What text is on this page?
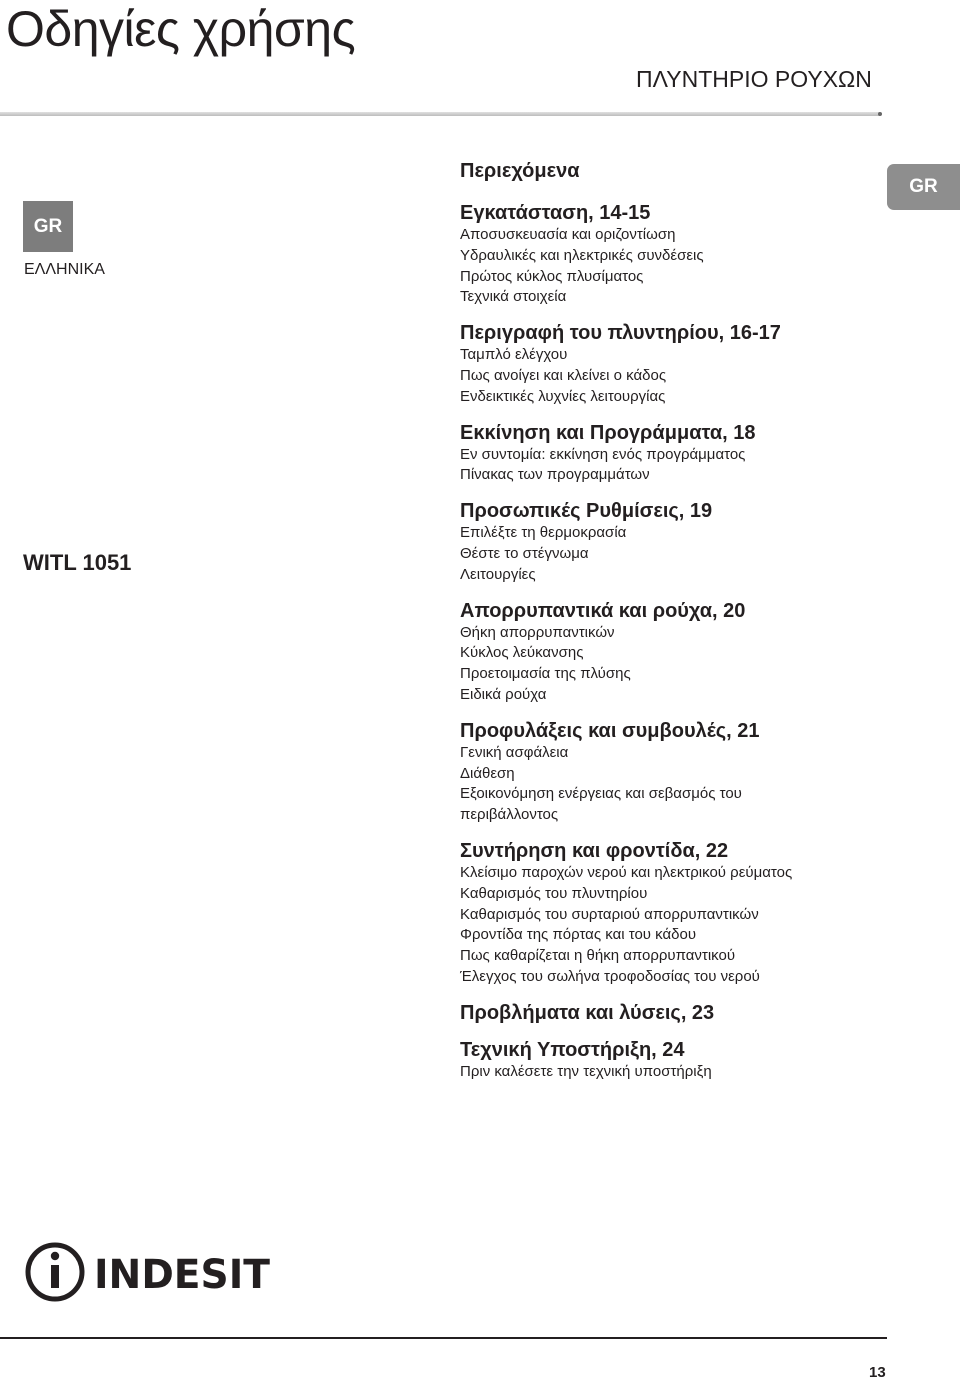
Οδηγίες χρήσης
ΠΛΥΝΤΗΡΙΟ ΡΟΥΧΩΝ
GR
GR
ΕΛΛΗΝΙΚΑ
WITL 1051
Περιεχόμενα
Εγκατάσταση, 14-15
Αποσυσκευασία και οριζοντίωση
Υδραυλικές και ηλεκτρικές συνδέσεις
Πρώτος κύκλος πλυσίματος
Τεχνικά στοιχεία
Περιγραφή του πλυντηρίου, 16-17
Ταμπλό ελέγχου
Πως ανοίγει και κλείνει ο κάδος
Ενδεικτικές λυχνίες λειτουργίας
Εκκίνηση και Προγράμματα, 18
Εν συντομία: εκκίνηση ενός προγράμματος
Πίνακας των προγραμμάτων
Προσωπικές Ρυθμίσεις, 19
Επιλέξτε τη θερμοκρασία
Θέστε το στέγνωμα
Λειτουργίες
Απορρυπαντικά και ρούχα, 20
Θήκη απορρυπαντικών
Κύκλος λεύκανσης
Προετοιμασία της πλύσης
Ειδικά ρούχα
Προφυλάξεις και συμβουλές, 21
Γενική ασφάλεια
Διάθεση
Εξοικονόμηση ενέργειας και σεβασμός του
περιβάλλοντος
Συντήρηση και φροντίδα, 22
Κλείσιμο παροχών νερού και ηλεκτρικού ρεύματος
Καθαρισμός του πλυντηρίου
Καθαρισμός του συρταριού απορρυπαντικών
Φροντίδα της πόρτας και του κάδου
Πως καθαρίζεται η θήκη απορρυπαντικού
Έλεγχος του σωλήνα τροφοδοσίας του νερού
Προβλήματα και λύσεις, 23
Τεχνική Υποστήριξη, 24
Πριν καλέσετε την τεχνική υποστήριξη
INDESIT
13
